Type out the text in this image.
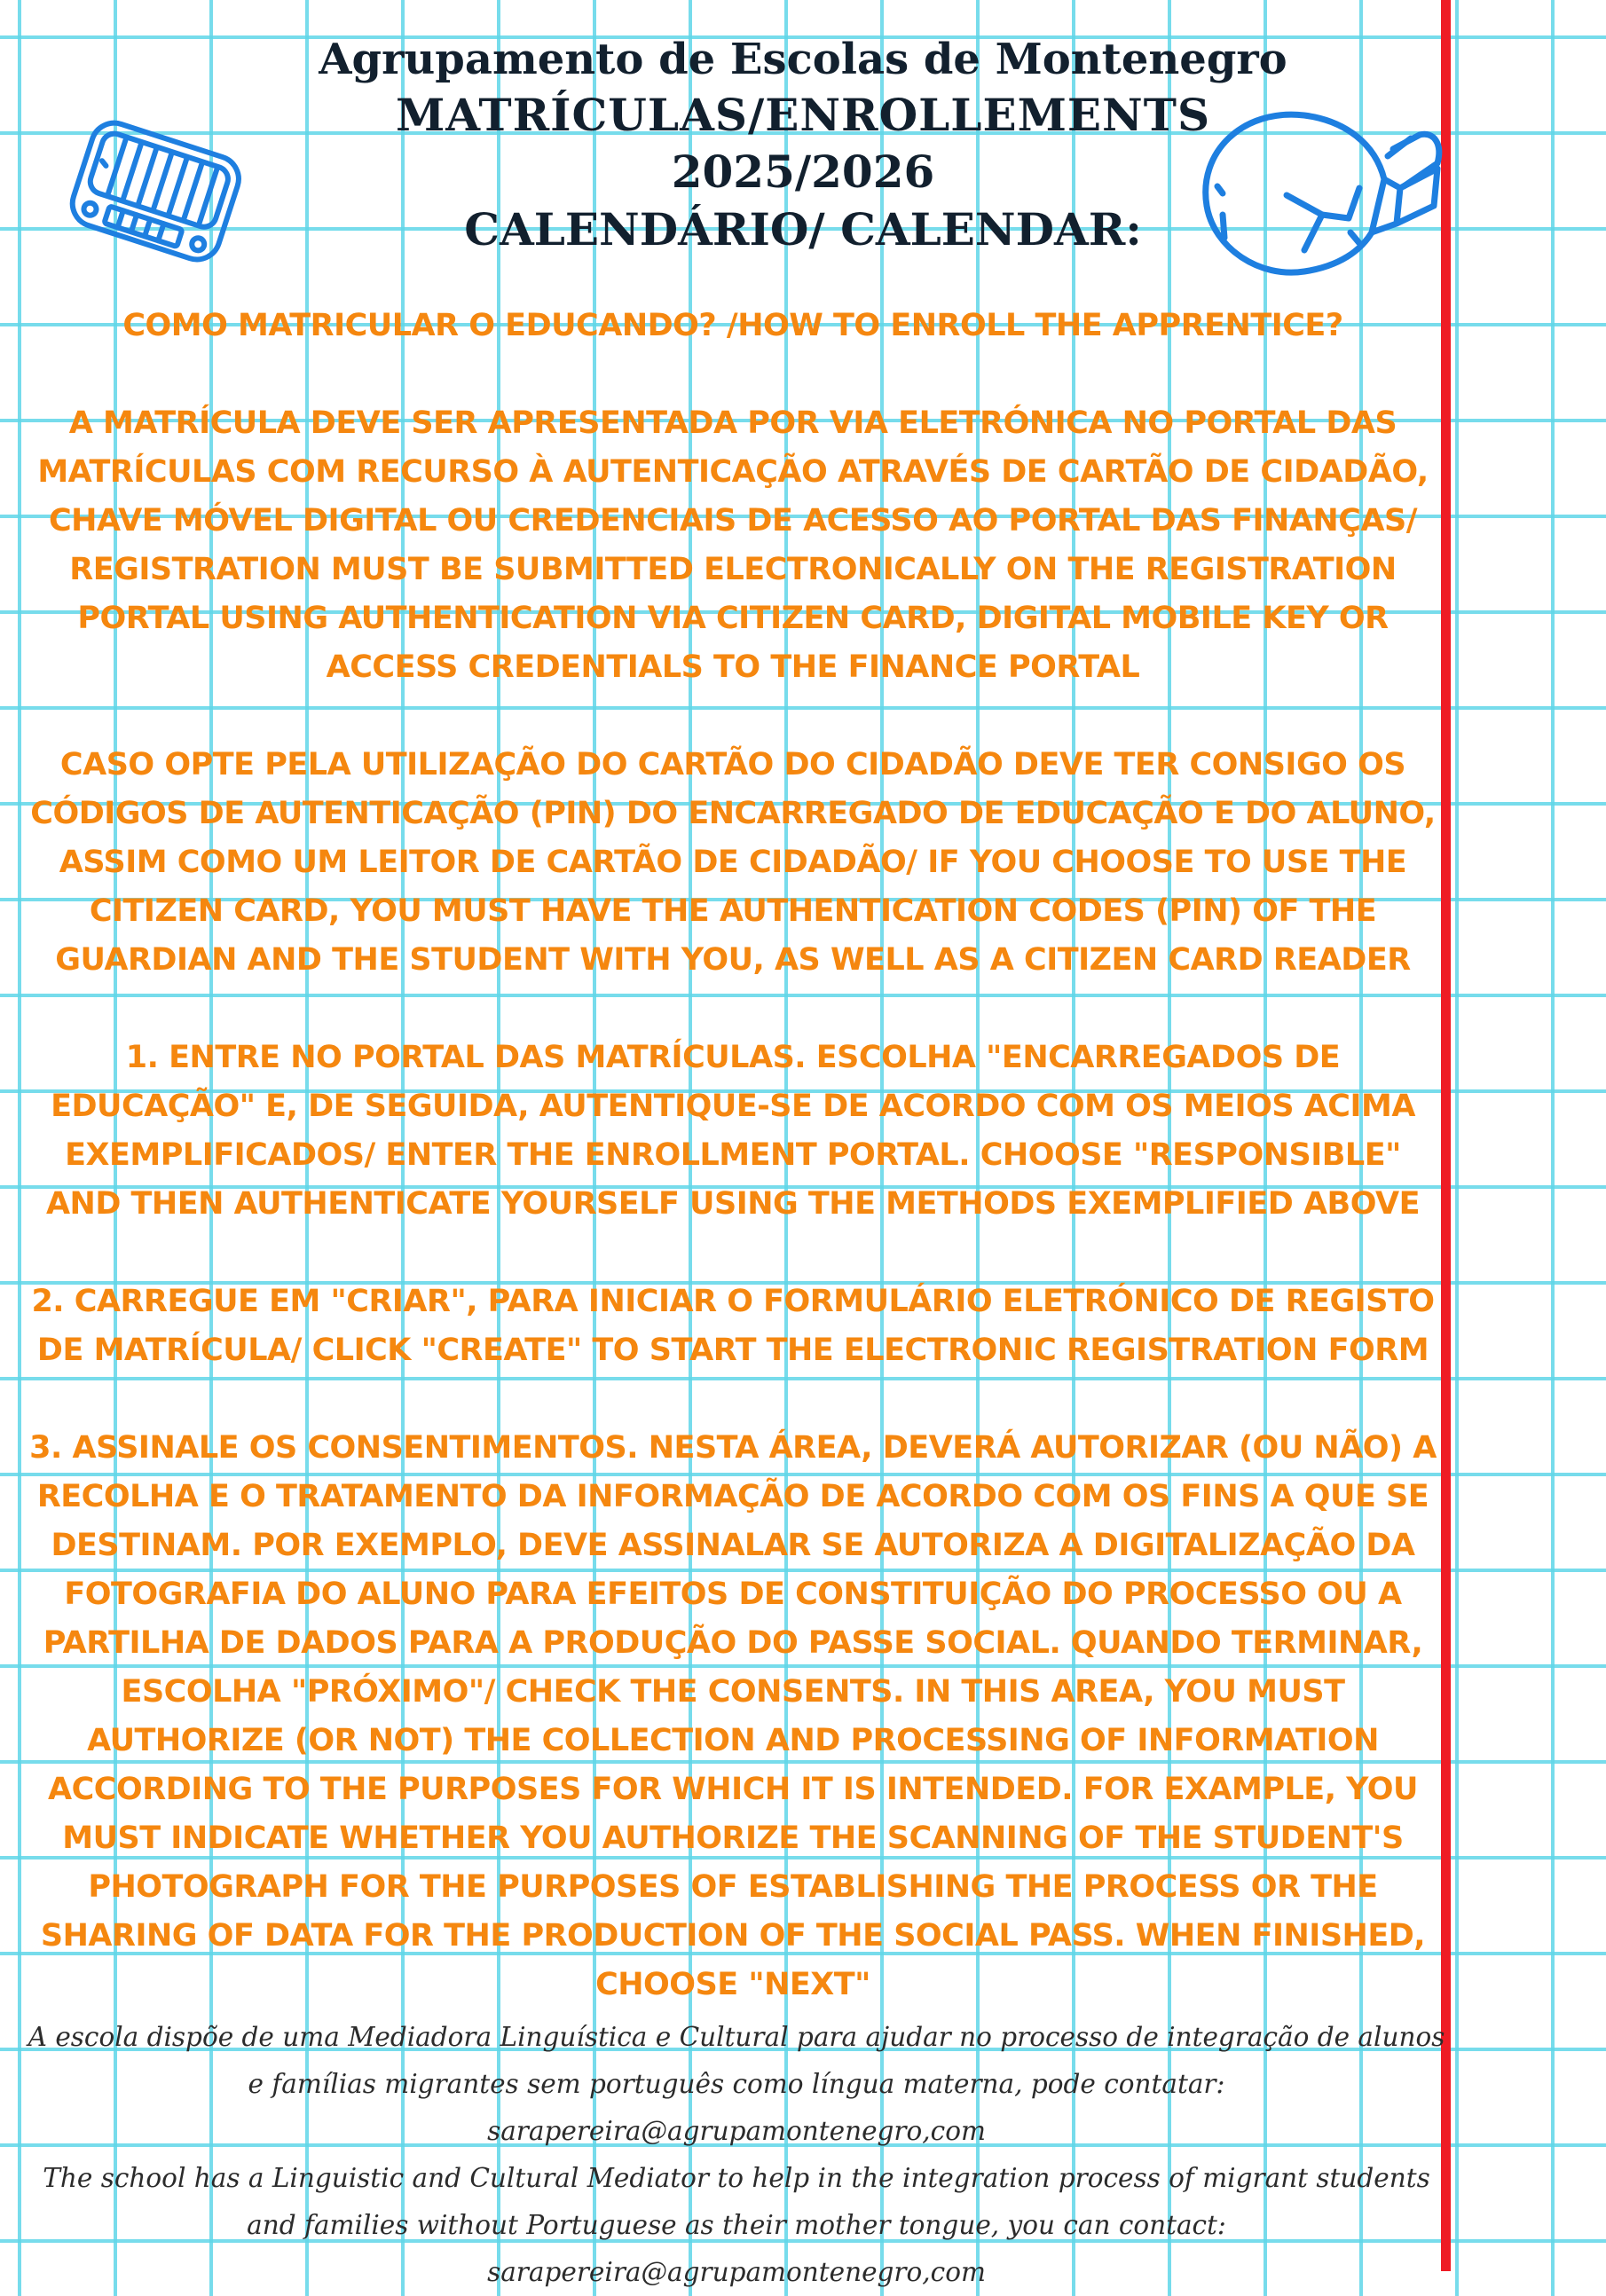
Agrupamento de Escolas de Montenegro
MATRÍCULAS/ENROLLEMENTS
2025/2026
CALENDÁRIO/ CALENDAR:

COMO MATRICULAR O EDUCANDO? /HOW TO ENROLL THE APPRENTICE?

A MATRÍCULA DEVE SER APRESENTADA POR VIA ELETRÓNICA NO PORTAL DAS MATRÍCULAS COM RECURSO À AUTENTICAÇÃO ATRAVÉS DE CARTÃO DE CIDADÃO, CHAVE MÓVEL DIGITAL OU CREDENCIAIS DE ACESSO AO PORTAL DAS FINANÇAS/ REGISTRATION MUST BE SUBMITTED ELECTRONICALLY ON THE REGISTRATION PORTAL USING AUTHENTICATION VIA CITIZEN CARD, DIGITAL MOBILE KEY OR ACCESS CREDENTIALS TO THE FINANCE PORTAL

CASO OPTE PELA UTILIZAÇÃO DO CARTÃO DO CIDADÃO DEVE TER CONSIGO OS CÓDIGOS DE AUTENTICAÇÃO (PIN) DO ENCARREGADO DE EDUCAÇÃO E DO ALUNO, ASSIM COMO UM LEITOR DE CARTÃO DE CIDADÃO/ IF YOU CHOOSE TO USE THE CITIZEN CARD, YOU MUST HAVE THE AUTHENTICATION CODES (PIN) OF THE GUARDIAN AND THE STUDENT WITH YOU, AS WELL AS A CITIZEN CARD READER

1. ENTRE NO PORTAL DAS MATRÍCULAS. ESCOLHA "ENCARREGADOS DE EDUCAÇÃO" E, DE SEGUIDA, AUTENTIQUE-SE DE ACORDO COM OS MEIOS ACIMA EXEMPLIFICADOS/ ENTER THE ENROLLMENT PORTAL. CHOOSE "RESPONSIBLE" AND THEN AUTHENTICATE YOURSELF USING THE METHODS EXEMPLIFIED ABOVE

2. CARREGUE EM "CRIAR", PARA INICIAR O FORMULÁRIO ELETRÓNICO DE REGISTO DE MATRÍCULA/ CLICK "CREATE" TO START THE ELECTRONIC REGISTRATION FORM

3. ASSINALE OS CONSENTIMENTOS. NESTA ÁREA, DEVERÁ AUTORIZAR (OU NÃO) A RECOLHA E O TRATAMENTO DA INFORMAÇÃO DE ACORDO COM OS FINS A QUE SE DESTINAM. POR EXEMPLO, DEVE ASSINALAR SE AUTORIZA A DIGITALIZAÇÃO DA FOTOGRAFIA DO ALUNO PARA EFEITOS DE CONSTITUIÇÃO DO PROCESSO OU A PARTILHA DE DADOS PARA A PRODUÇÃO DO PASSE SOCIAL. QUANDO TERMINAR, ESCOLHA "PRÓXIMO"/ CHECK THE CONSENTS. IN THIS AREA, YOU MUST AUTHORIZE (OR NOT) THE COLLECTION AND PROCESSING OF INFORMATION ACCORDING TO THE PURPOSES FOR WHICH IT IS INTENDED. FOR EXAMPLE, YOU MUST INDICATE WHETHER YOU AUTHORIZE THE SCANNING OF THE STUDENT'S PHOTOGRAPH FOR THE PURPOSES OF ESTABLISHING THE PROCESS OR THE SHARING OF DATA FOR THE PRODUCTION OF THE SOCIAL PASS. WHEN FINISHED, CHOOSE "NEXT"

A escola dispõe de uma Mediadora Linguística e Cultural para ajudar no processo de integração de alunos e famílias migrantes sem português como língua materna, pode contatar: sarapereira@agrupamontenegro,com

The school has a Linguistic and Cultural Mediator to help in the integration process of migrant students and families without Portuguese as their mother tongue, you can contact: sarapereira@agrupamontenegro,com
